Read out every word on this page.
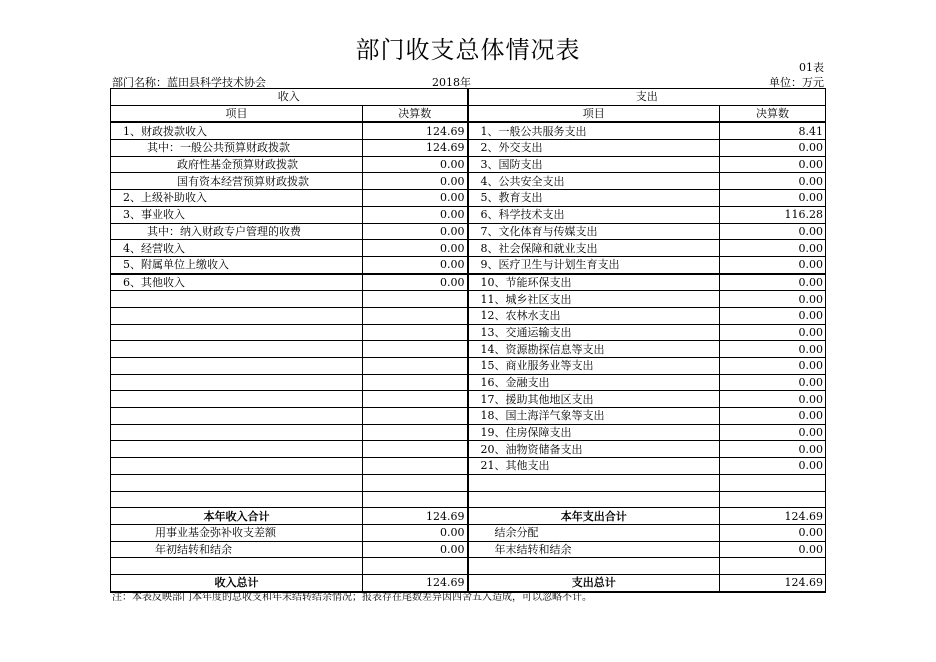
部门收支总体情况表
01表
部门名称：蓝田县科学技术协会	2018年	单位：万元
收入		支出	
项目	决算数	项目	决算数
1、财政拨款收入	124.69	1、一般公共服务支出	8.41
其中：一般公共预算财政拨款	124.69	2、外交支出	0.00
政府性基金预算财政拨款	0.00	3、国防支出	0.00
国有资本经营预算财政拨款	0.00	4、公共安全支出	0.00
2、上级补助收入	0.00	5、教育支出	0.00
3、事业收入	0.00	6、科学技术支出	116.28
其中：纳入财政专户管理的收费	0.00	7、文化体育与传媒支出	0.00
4、经营收入	0.00	8、社会保障和就业支出	0.00
5、附属单位上缴收入	0.00	9、医疗卫生与计划生育支出	0.00
6、其他收入	0.00	10、节能环保支出	0.00
		11、城乡社区支出	0.00
		12、农林水支出	0.00
		13、交通运输支出	0.00
		14、资源勘探信息等支出	0.00
		15、商业服务业等支出	0.00
		16、金融支出	0.00
		17、援助其他地区支出	0.00
		18、国土海洋气象等支出	0.00
		19、住房保障支出	0.00
		20、油物资储备支出	0.00
		21、其他支出	0.00

本年收入合计	124.69	本年支出合计	124.69
用事业基金弥补收支差额	0.00	结余分配	0.00
年初结转和结余	0.00	年末结转和结余	0.00

收入总计	124.69	支出总计	124.69
注：本表反映部门本年度的总收支和年末结转结余情况；报表存在尾数差异因四舍五入造成，可以忽略不计。
